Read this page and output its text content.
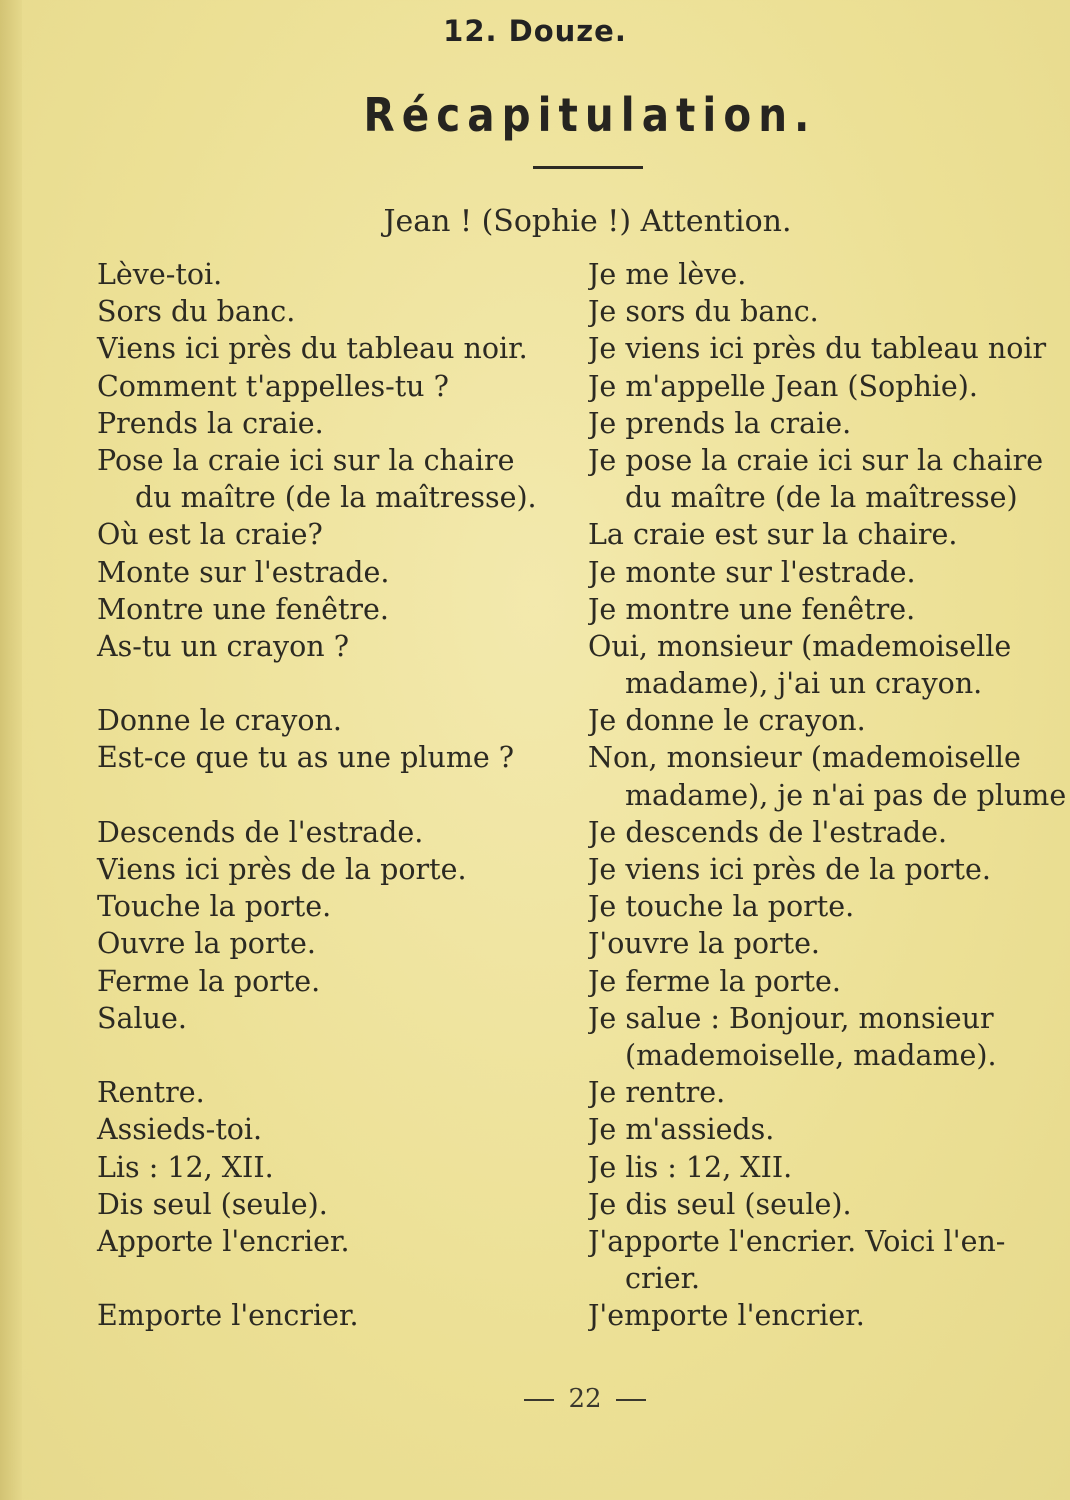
12. Douze.
Récapitulation.
Jean ! (Sophie !) Attention.
Lève-toi.
Sors du banc.
Viens ici près du tableau noir.
Comment t'appelles-tu ?
Prends la craie.
Pose la craie ici sur la chaire
du maître (de la maîtresse).
Où est la craie?
Monte sur l'estrade.
Montre une fenêtre.
As-tu un crayon ?
Donne le crayon.
Est-ce que tu as une plume ?
Descends de l'estrade.
Viens ici près de la porte.
Touche la porte.
Ouvre la porte.
Ferme la porte.
Salue.
Rentre.
Assieds-toi.
Lis : 12, XII.
Dis seul (seule).
Apporte l'encrier.
Emporte l'encrier.
Je me lève.
Je sors du banc.
Je viens ici près du tableau noir
Je m'appelle Jean (Sophie).
Je prends la craie.
Je pose la craie ici sur la chaire
du maître (de la maîtresse)
La craie est sur la chaire.
Je monte sur l'estrade.
Je montre une fenêtre.
Oui, monsieur (mademoiselle
madame), j'ai un crayon.
Je donne le crayon.
Non, monsieur (mademoiselle
madame), je n'ai pas de plume
Je descends de l'estrade.
Je viens ici près de la porte.
Je touche la porte.
J'ouvre la porte.
Je ferme la porte.
Je salue : Bonjour, monsieur
(mademoiselle, madame).
Je rentre.
Je m'assieds.
Je lis : 12, XII.
Je dis seul (seule).
J'apporte l'encrier. Voici l'en-
crier.
J'emporte l'encrier.
22
